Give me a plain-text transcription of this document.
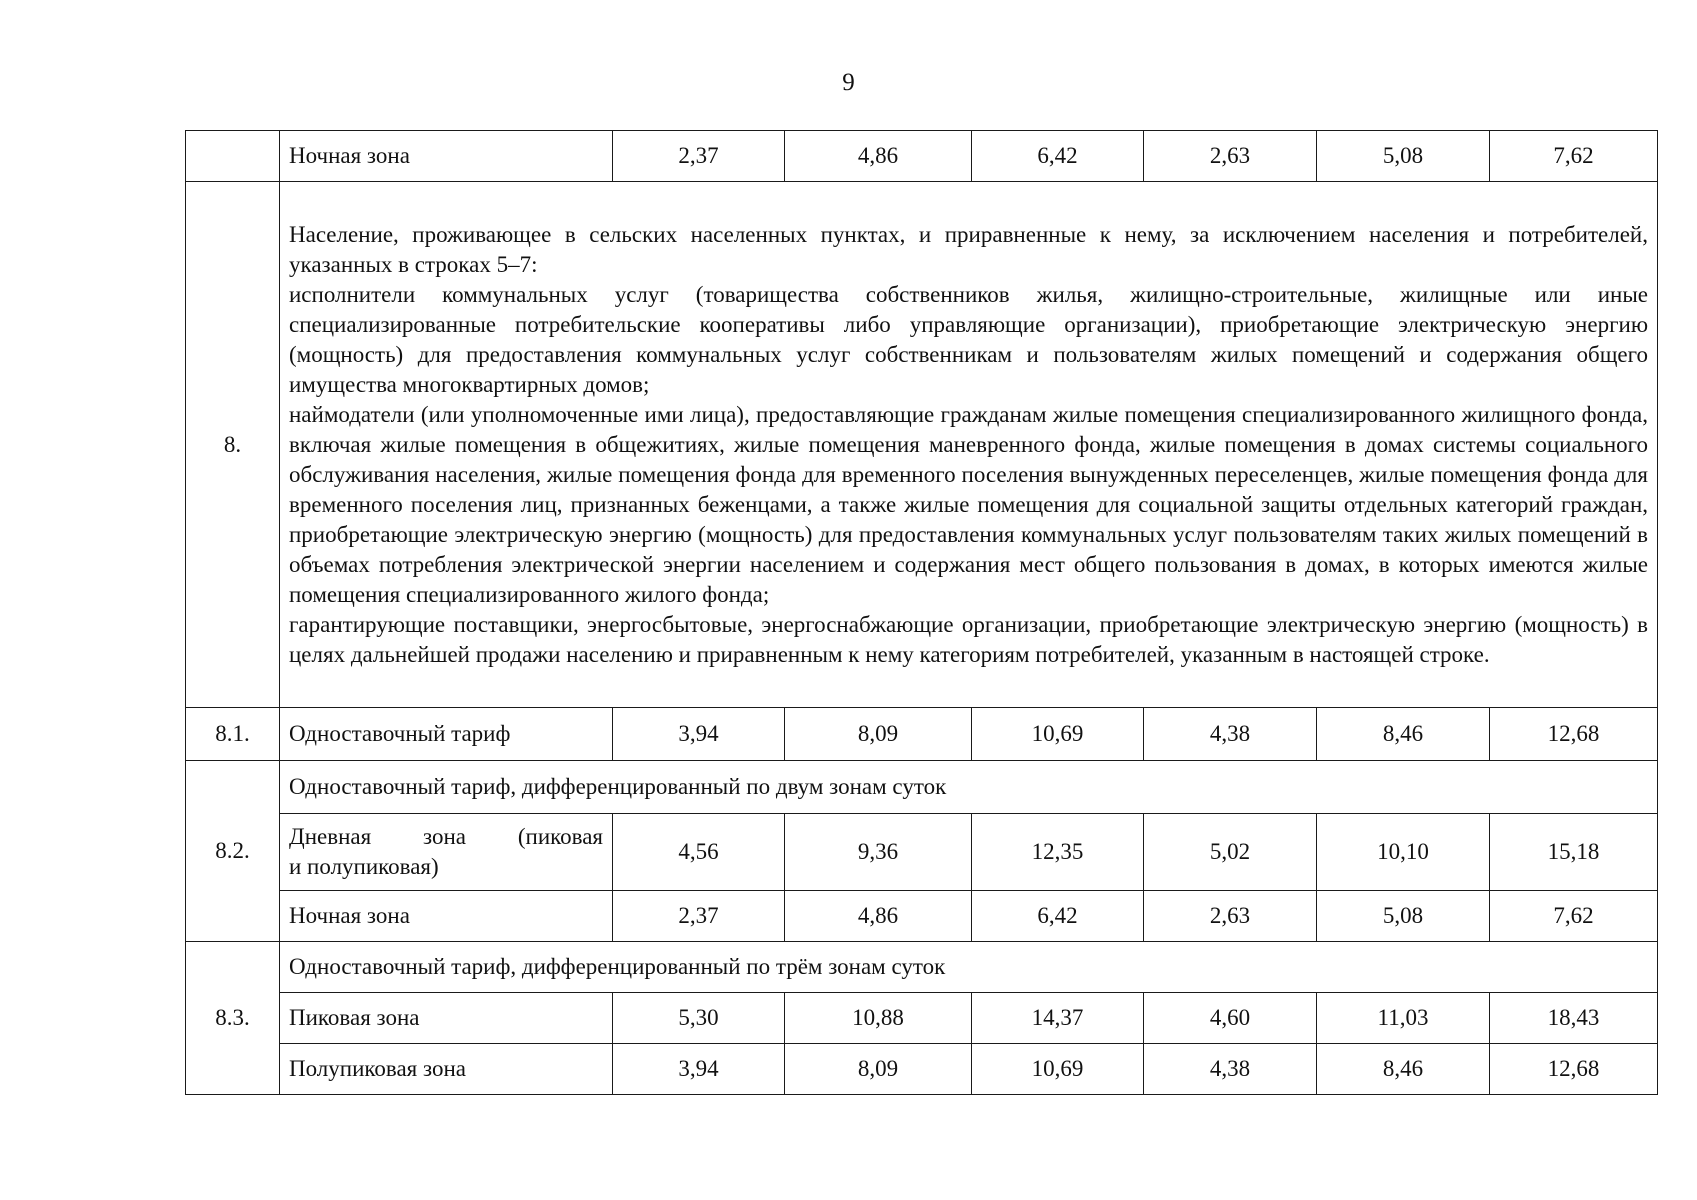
9
	Ночная зона	2,37	4,86	6,42	2,63	5,08	7,62
8.	Население, проживающее в сельских населенных пунктах, и приравненные к нему, за исключением населения и потребителей, указанных в строках 5–7:
исполнители коммунальных услуг (товарищества собственников жилья, жилищно-строительные, жилищные или иные специализированные потребительские кооперативы либо управляющие организации), приобретающие электрическую энергию (мощность) для предоставления коммунальных услуг собственникам и пользователям жилых помещений и содержания общего имущества многоквартирных домов;
наймодатели (или уполномоченные ими лица), предоставляющие гражданам жилые помещения специализированного жилищного фонда, включая жилые помещения в общежитиях, жилые помещения маневренного фонда, жилые помещения в домах системы социального обслуживания населения, жилые помещения фонда для временного поселения вынужденных переселенцев, жилые помещения фонда для временного поселения лиц, признанных беженцами, а также жилые помещения для социальной защиты отдельных категорий граждан, приобретающие электрическую энергию (мощность) для предоставления коммунальных услуг пользователям таких жилых помещений в объемах потребления электрической энергии населением и содержания мест общего пользования в домах, в которых имеются жилые помещения специализированного жилого фонда;
гарантирующие поставщики, энергосбытовые, энергоснабжающие организации, приобретающие электрическую энергию (мощность) в целях дальнейшей продажи населению и приравненным к нему категориям потребителей, указанным в настоящей строке.						

8.1.	Одноставочный тариф	3,94	8,09	10,69	4,38	8,46	12,68
8.2.	Одноставочный тариф, дифференцированный по двум зонам суток						

	Дневная зона (пиковая
и полупиковая)	4,56	9,36	12,35	5,02	10,10	15,18
	Ночная зона	2,37	4,86	6,42	2,63	5,08	7,62
8.3.	Одноставочный тариф, дифференцированный по трём зонам суток						
	Пиковая зона	5,30	10,88	14,37	4,60	11,03	18,43
	Полупиковая зона	3,94	8,09	10,69	4,38	8,46	12,68
